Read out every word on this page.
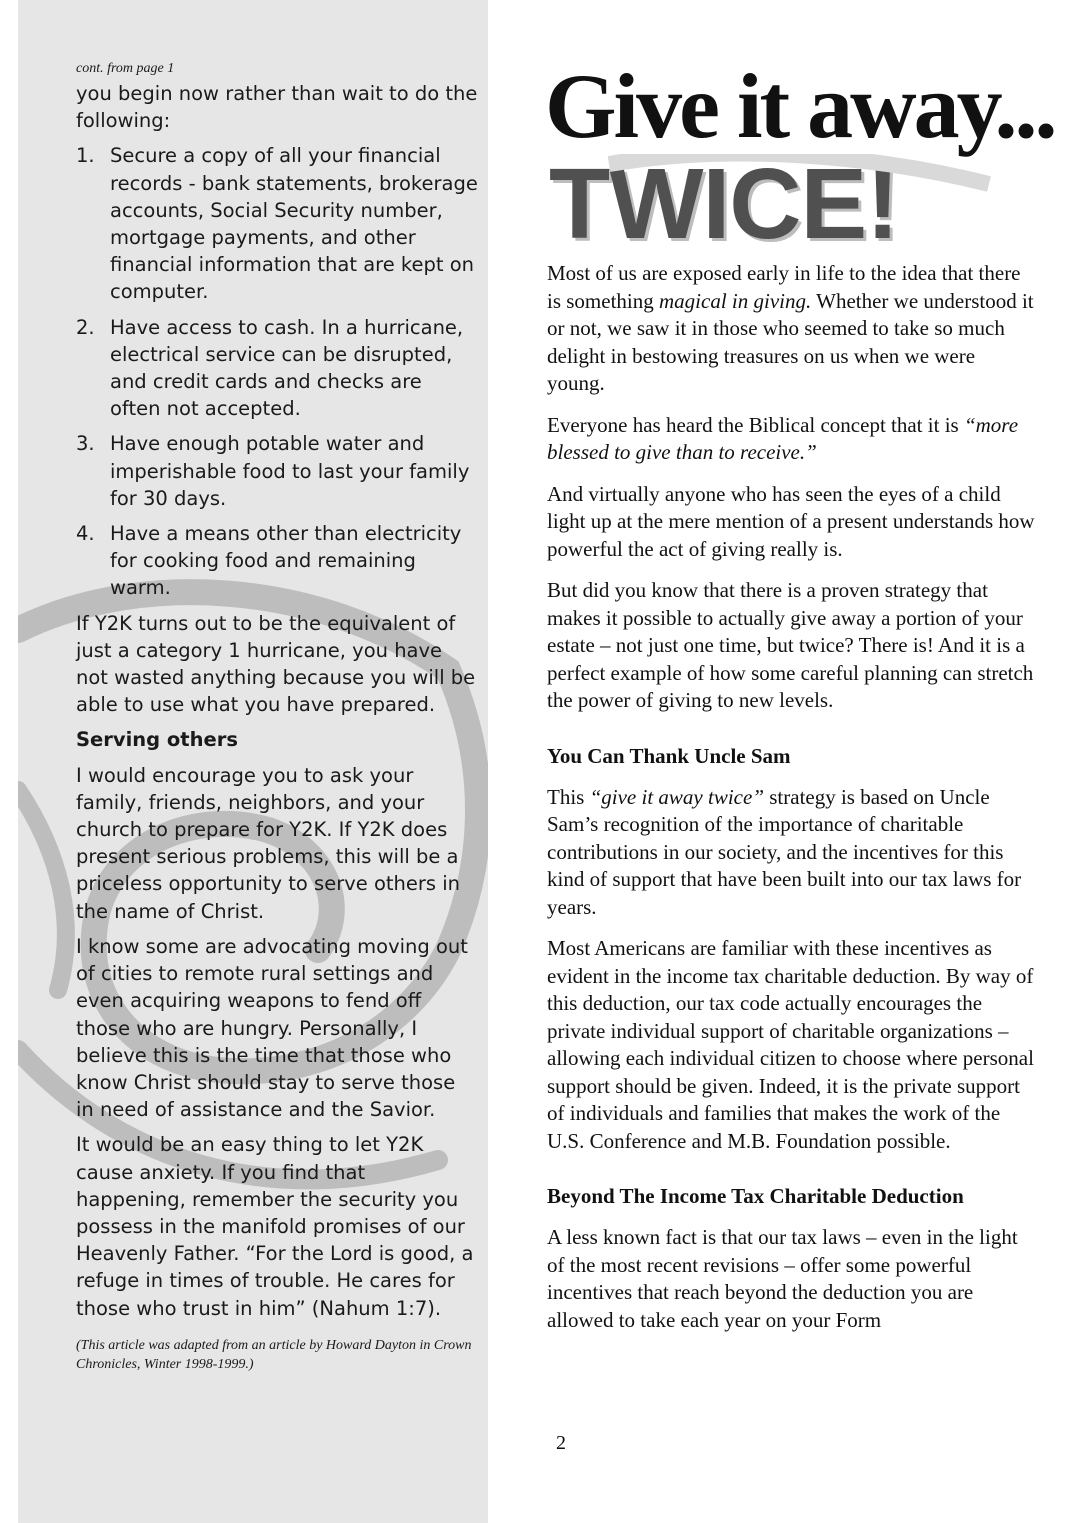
cont. from page 1

you begin now rather than wait to do the following:

1. Secure a copy of all your financial records - bank statements, brokerage accounts, Social Security number, mortgage payments, and other financial information that are kept on computer.
2. Have access to cash. In a hurricane, electrical service can be disrupted, and credit cards and checks are often not accepted.
3. Have enough potable water and imperishable food to last your family for 30 days.
4. Have a means other than electricity for cooking food and remaining warm.

If Y2K turns out to be the equivalent of just a category 1 hurricane, you have not wasted anything because you will be able to use what you have prepared.

Serving others

I would encourage you to ask your family, friends, neighbors, and your church to prepare for Y2K. If Y2K does present serious problems, this will be a priceless opportunity to serve others in the name of Christ.

I know some are advocating moving out of cities to remote rural settings and even acquiring weapons to fend off those who are hungry. Personally, I believe this is the time that those who know Christ should stay to serve those in need of assistance and the Savior.

It would be an easy thing to let Y2K cause anxiety. If you find that happening, remember the security you possess in the manifold promises of our Heavenly Father. “For the Lord is good, a refuge in times of trouble. He cares for those who trust in him” (Nahum 1:7).

(This article was adapted from an article by Howard Dayton in Crown Chronicles, Winter 1998-1999.)
Give it away...
TWICE!

Most of us are exposed early in life to the idea that there is something magical in giving. Whether we understood it or not, we saw it in those who seemed to take so much delight in bestowing treasures on us when we were young.

Everyone has heard the Biblical concept that it is “more blessed to give than to receive.”

And virtually anyone who has seen the eyes of a child light up at the mere mention of a present understands how powerful the act of giving really is.

But did you know that there is a proven strategy that makes it possible to actually give away a portion of your estate – not just one time, but twice? There is! And it is a perfect example of how some careful planning can stretch the power of giving to new levels.

You Can Thank Uncle Sam

This “give it away twice” strategy is based on Uncle Sam’s recognition of the importance of charitable contributions in our society, and the incentives for this kind of support that have been built into our tax laws for years.

Most Americans are familiar with these incentives as evident in the income tax charitable deduction. By way of this deduction, our tax code actually encourages the private individual support of charitable organizations – allowing each individual citizen to choose where personal support should be given. Indeed, it is the private support of individuals and families that makes the work of the U.S. Conference and M.B. Foundation possible.

Beyond The Income Tax Charitable Deduction

A less known fact is that our tax laws – even in the light of the most recent revisions – offer some powerful incentives that reach beyond the deduction you are allowed to take each year on your Form

2
